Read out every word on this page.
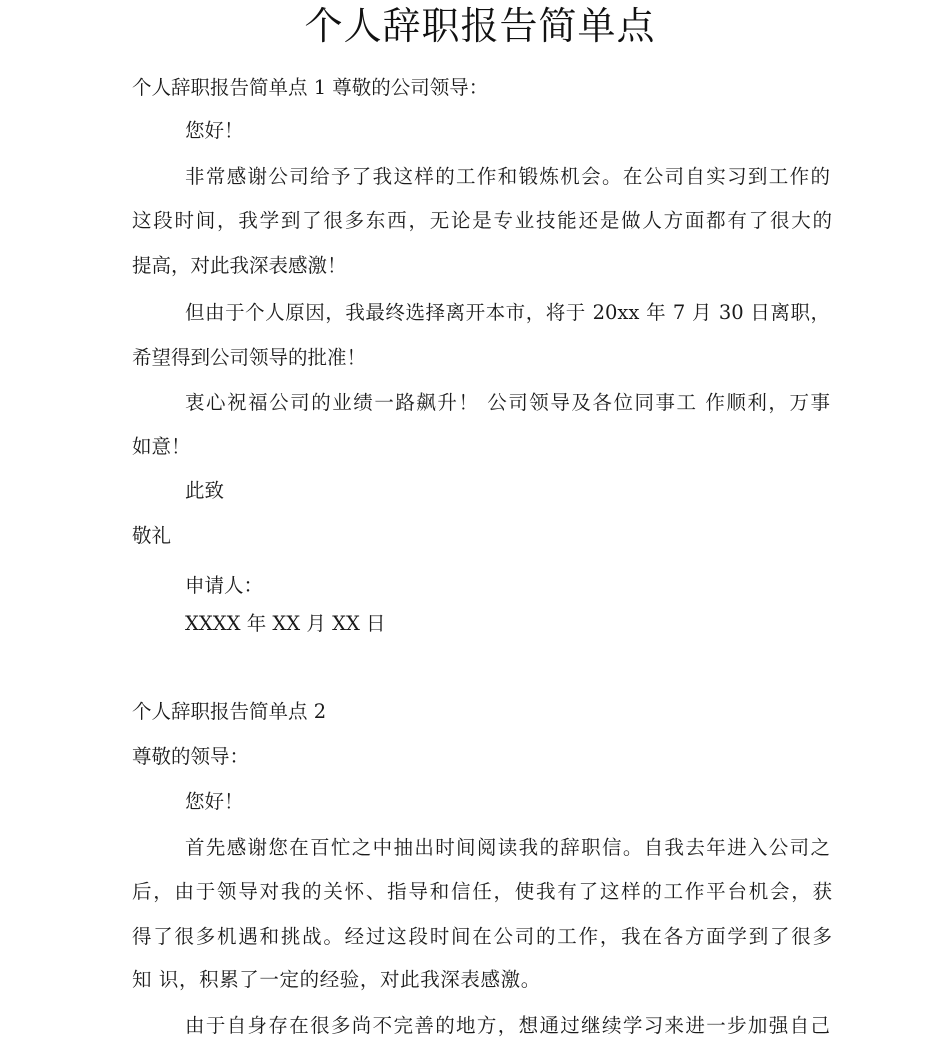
个人辞职报告简单点
个人辞职报告简单点 1 尊敬的公司领导：
您好！
非常感谢公司给予了我这样的工作和锻炼机会。在公司自实习到工作的
这段时间，我学到了很多东西，无论是专业技能还是做人方面都有了很大的
提高，对此我深表感激！
但由于个人原因，我最终选择离开本市，将于 20xx 年 7 月 30 日离职，
希望得到公司领导的批准！
衷心祝福公司的业绩一路飙升！ 公司领导及各位同事工 作顺利，万事
如意！
此致
敬礼
申请人：
XXXX 年 XX 月 XX 日
个人辞职报告简单点 2
尊敬的领导：
您好！
首先感谢您在百忙之中抽出时间阅读我的辞职信。自我去年进入公司之
后，由于领导对我的关怀、指导和信任，使我有了这样的工作平台机会，获
得了很多机遇和挑战。经过这段时间在公司的工作，我在各方面学到了很多
知 识，积累了一定的经验，对此我深表感激。
由于自身存在很多尚不完善的地方，想通过继续学习来进一步加强自己
